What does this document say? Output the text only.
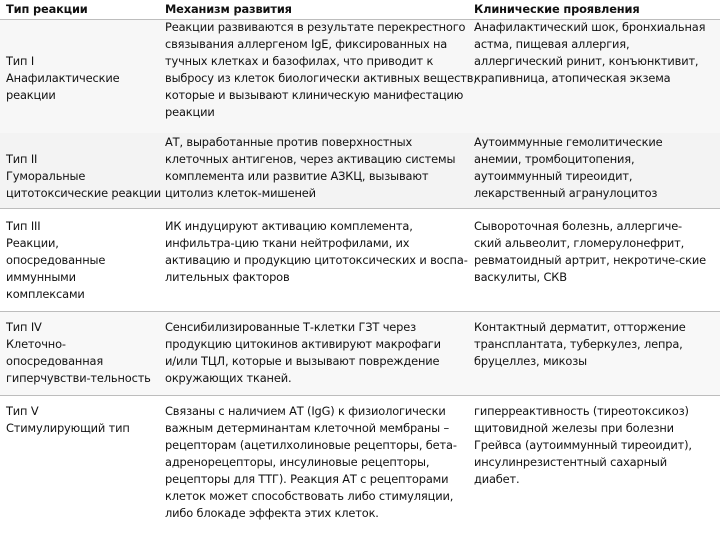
Тип реакции	Механизм развития	Клинические проявления
Тип I
Анафилактические
реакции
Реакции развиваются в результате перекрестного
связывания аллергеном IgE, фиксированных на
тучных клетках и базофилах, что приводит к
выбросу из клеток биологически активных веществ,
которые и вызывают клиническую манифестацию
реакции
Анафилактический шок, бронхиальная
астма, пищевая аллергия,
аллергический ринит, конъюнктивит,
крапивница, атопическая экзема
Тип II
Гуморальные
цитотоксические реакции
АТ, выработанные против поверхностных
клеточных антигенов, через активацию системы
комплемента или развитие АЗКЦ, вызывают
цитолиз клеток-мишеней
Аутоиммунные гемолитические
анемии, тромбоцитопения,
аутоиммунный тиреоидит,
лекарственный агранулоцитоз
Тип III
Реакции,
опосредованные
иммунными
комплексами
ИК индуцируют активацию комплемента,
инфильтра-цию ткани нейтрофилами, их
активацию и продукцию цитотоксических и воспа-
лительных факторов
Сывороточная болезнь, аллергиче-
ский альвеолит, гломерулонефрит,
ревматоидный артрит, некротиче-ские
васкулиты, СКВ
Тип IV
Клеточно-
опосредованная
гиперчувстви-тельность
Сенсибилизированные Т-клетки ГЗТ через
продукцию цитокинов активируют макрофаги
и/или ТЦЛ, которые и вызывают повреждение
окружающих тканей.
Контактный дерматит, отторжение
трансплантата, туберкулез, лепра,
бруцеллез, микозы
Тип V
Стимулирующий тип
Связаны с наличием АТ (IgG) к физиологически
важным детерминантам клеточной мембраны –
рецепторам (ацетилхолиновые рецепторы, бета-
адренорецепторы, инсулиновые рецепторы,
рецепторы для ТТГ). Реакция АТ с рецепторами
клеток может способствовать либо стимуляции,
либо блокаде эффекта этих клеток.
гиперреактивность (тиреотоксикоз)
щитовидной железы при болезни
Грейвса (аутоиммунный тиреоидит),
инсулинрезистентный сахарный
диабет.
